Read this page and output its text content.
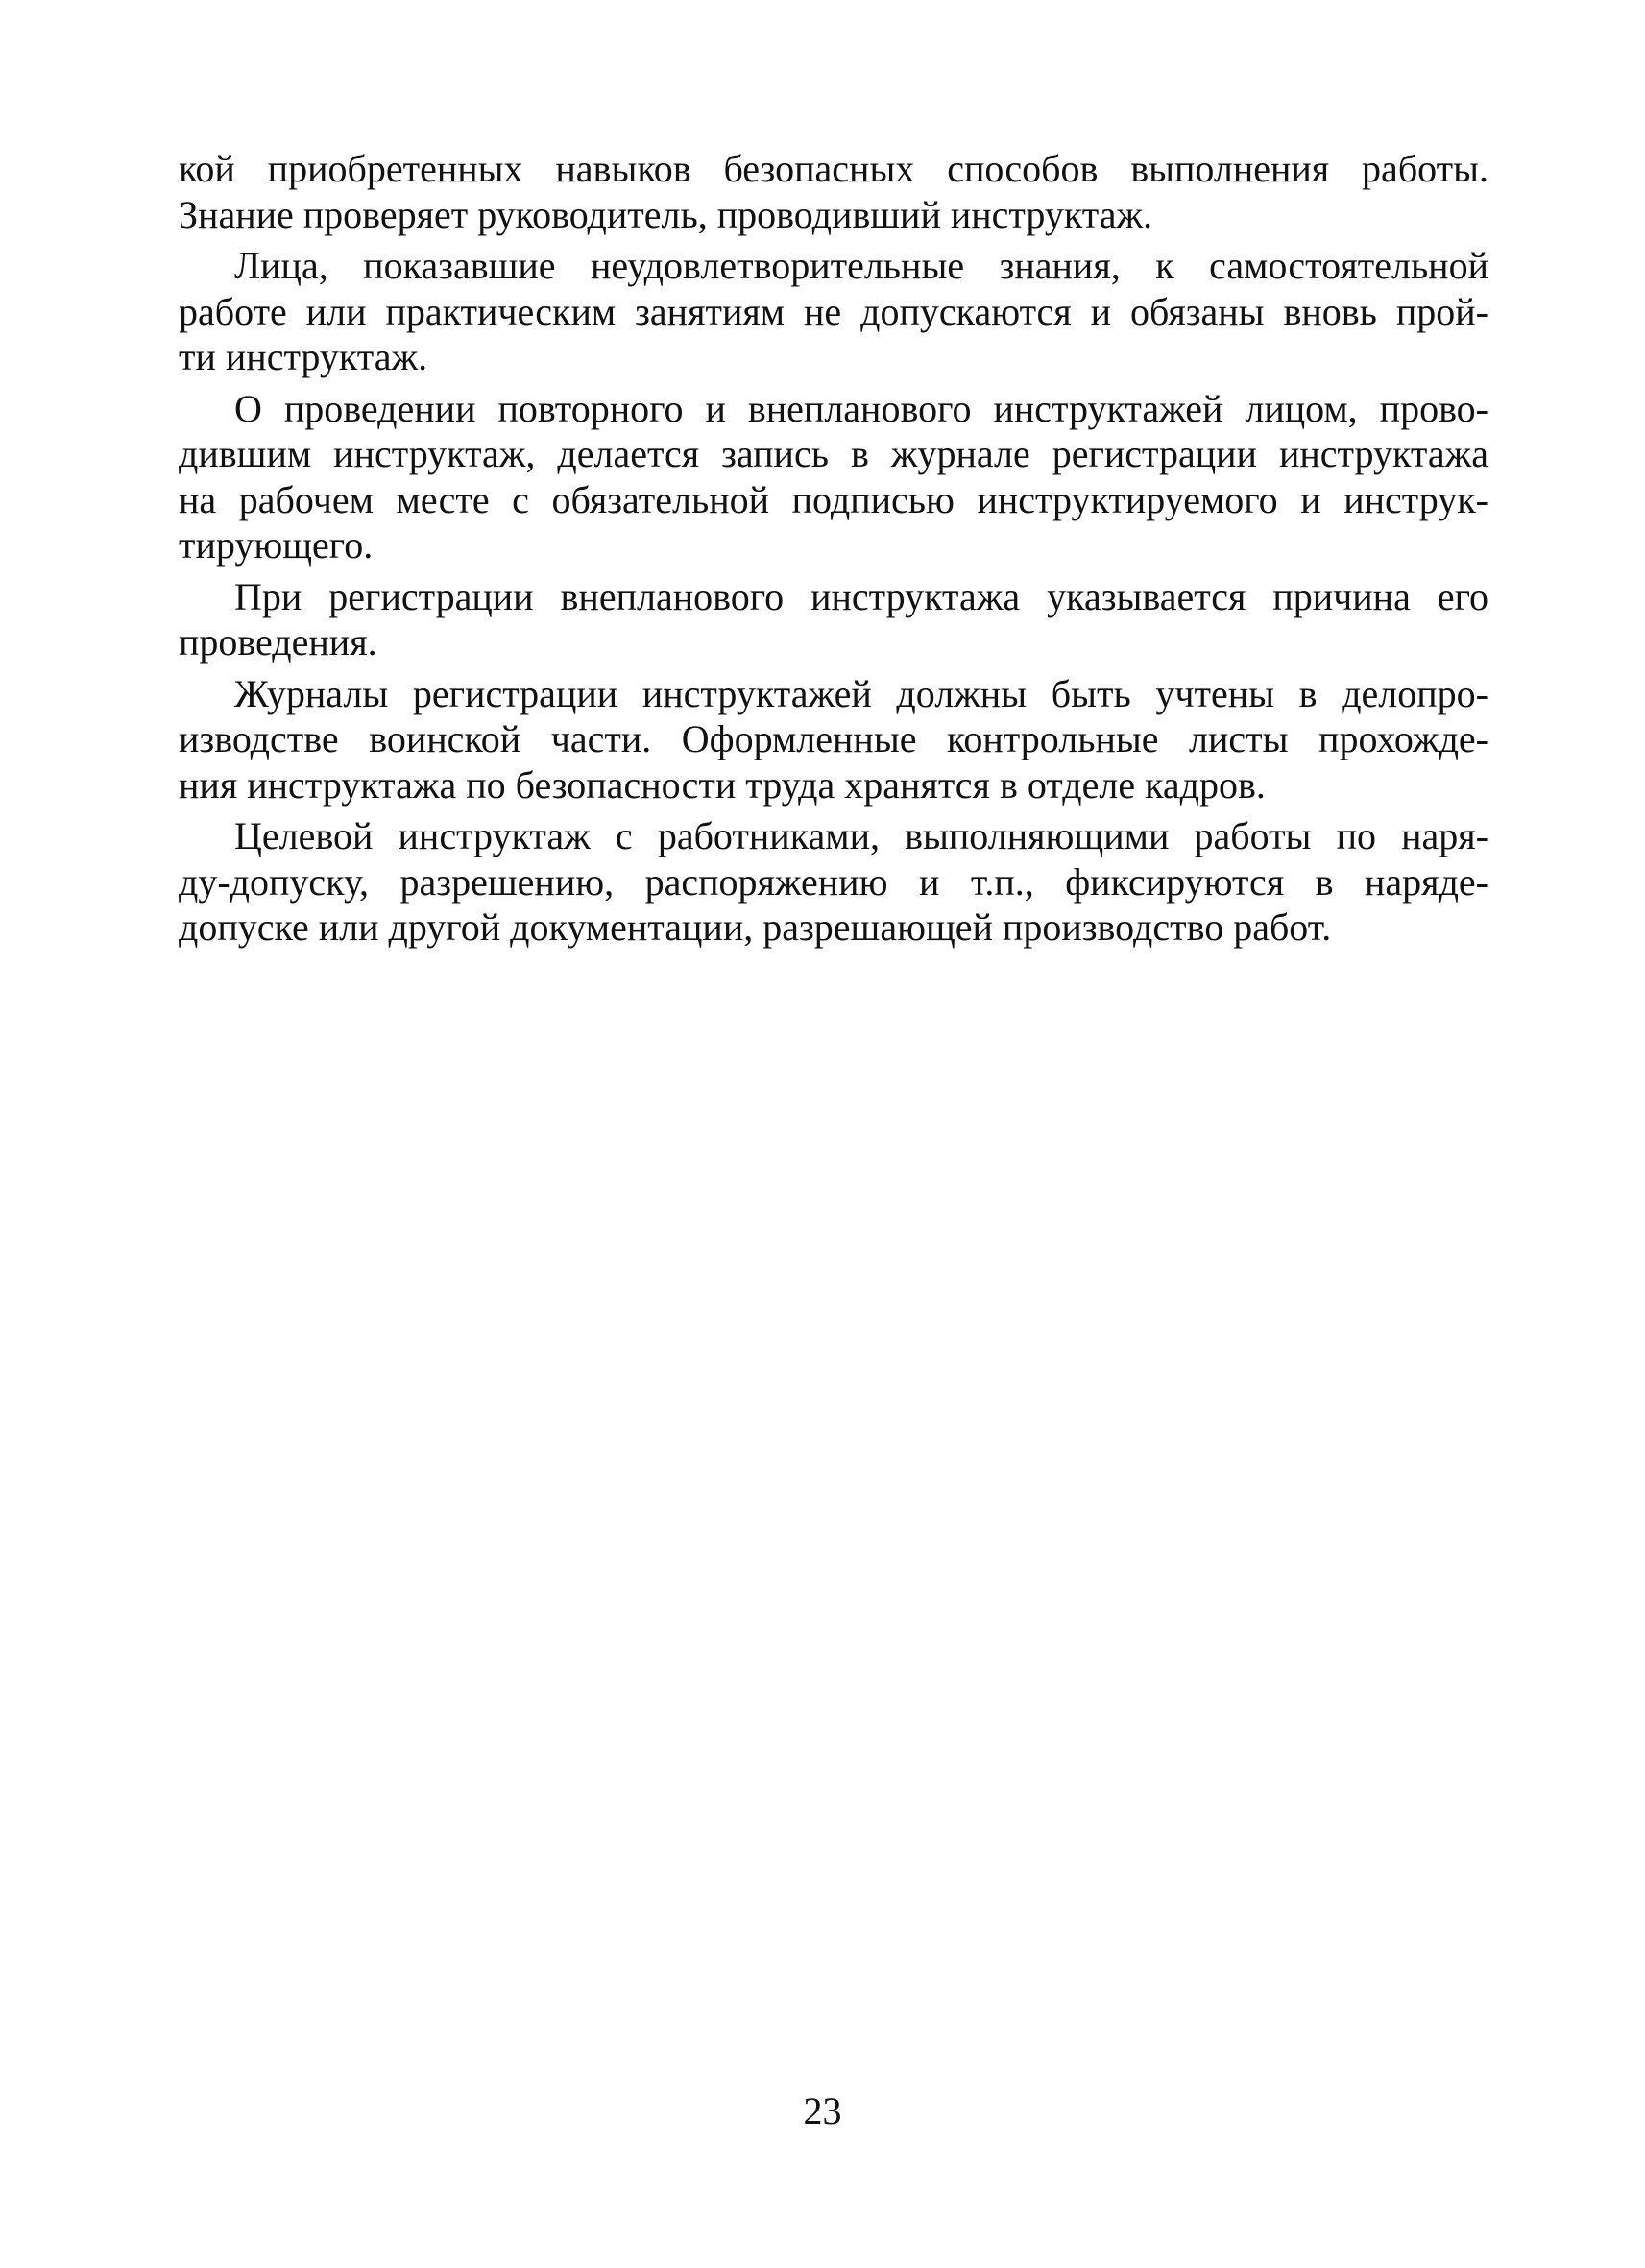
кой приобретенных навыков безопасных способов выполнения работы.
Знание проверяет руководитель, проводивший инструктаж.

Лица, показавшие неудовлетворительные знания, к самостоятельной
работе или практическим занятиям не допускаются и обязаны вновь прой-
ти инструктаж.

О проведении повторного и внепланового инструктажей лицом, прово-
дившим инструктаж, делается запись в журнале регистрации инструктажа
на рабочем месте с обязательной подписью инструктируемого и инструк-
тирующего.

При регистрации внепланового инструктажа указывается причина его
проведения.

Журналы регистрации инструктажей должны быть учтены в делопро-
изводстве воинской части. Оформленные контрольные листы прохожде-
ния инструктажа по безопасности труда хранятся в отделе кадров.

Целевой инструктаж с работниками, выполняющими работы по наря-
ду-допуску, разрешению, распоряжению и т.п., фиксируются в наряде-
допуске или другой документации, разрешающей производство работ.

23
